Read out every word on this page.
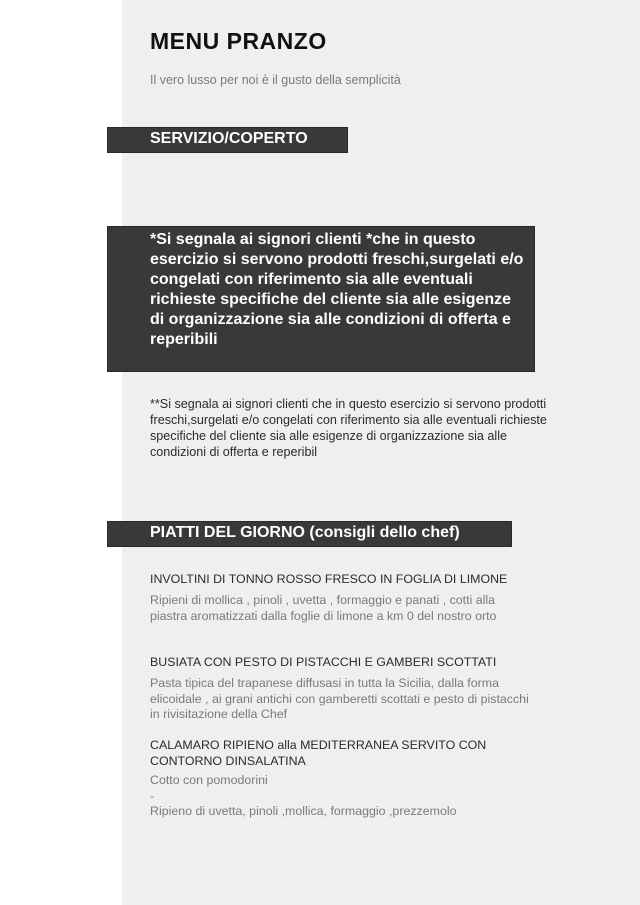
MENU PRANZO
Il vero lusso per noi è il gusto della semplicità
SERVIZIO/COPERTO
*Si segnala ai signori clienti *che in questo esercizio si servono prodotti freschi,surgelati e/o congelati con riferimento sia alle eventuali richieste specifiche del cliente sia alle esigenze di organizzazione sia alle condizioni di offerta e reperibili
**Si segnala ai signori clienti che in questo esercizio si servono prodotti freschi,surgelati e/o congelati con riferimento sia alle eventuali richieste specifiche del cliente sia alle esigenze di organizzazione sia alle condizioni di offerta e reperibil
PIATTI DEL GIORNO (consigli dello chef)
INVOLTINI DI TONNO ROSSO FRESCO IN FOGLIA DI LIMONE
Ripieni di mollica , pinoli , uvetta , formaggio e panati , cotti alla piastra aromatizzati dalla foglie di limone a km 0 del nostro orto
BUSIATA CON PESTO DI PISTACCHI E GAMBERI SCOTTATI
Pasta tipica del trapanese diffusasi in tutta la Sicilia, dalla forma elicoidale , ai grani antichi con gamberetti scottati e pesto di pistacchi in rivisitazione della Chef
CALAMARO RIPIENO alla MEDITERRANEA SERVITO CON CONTORNO DINSALATINA
Cotto con pomodorini
-
Ripieno di uvetta, pinoli ,mollica, formaggio ,prezzemolo
